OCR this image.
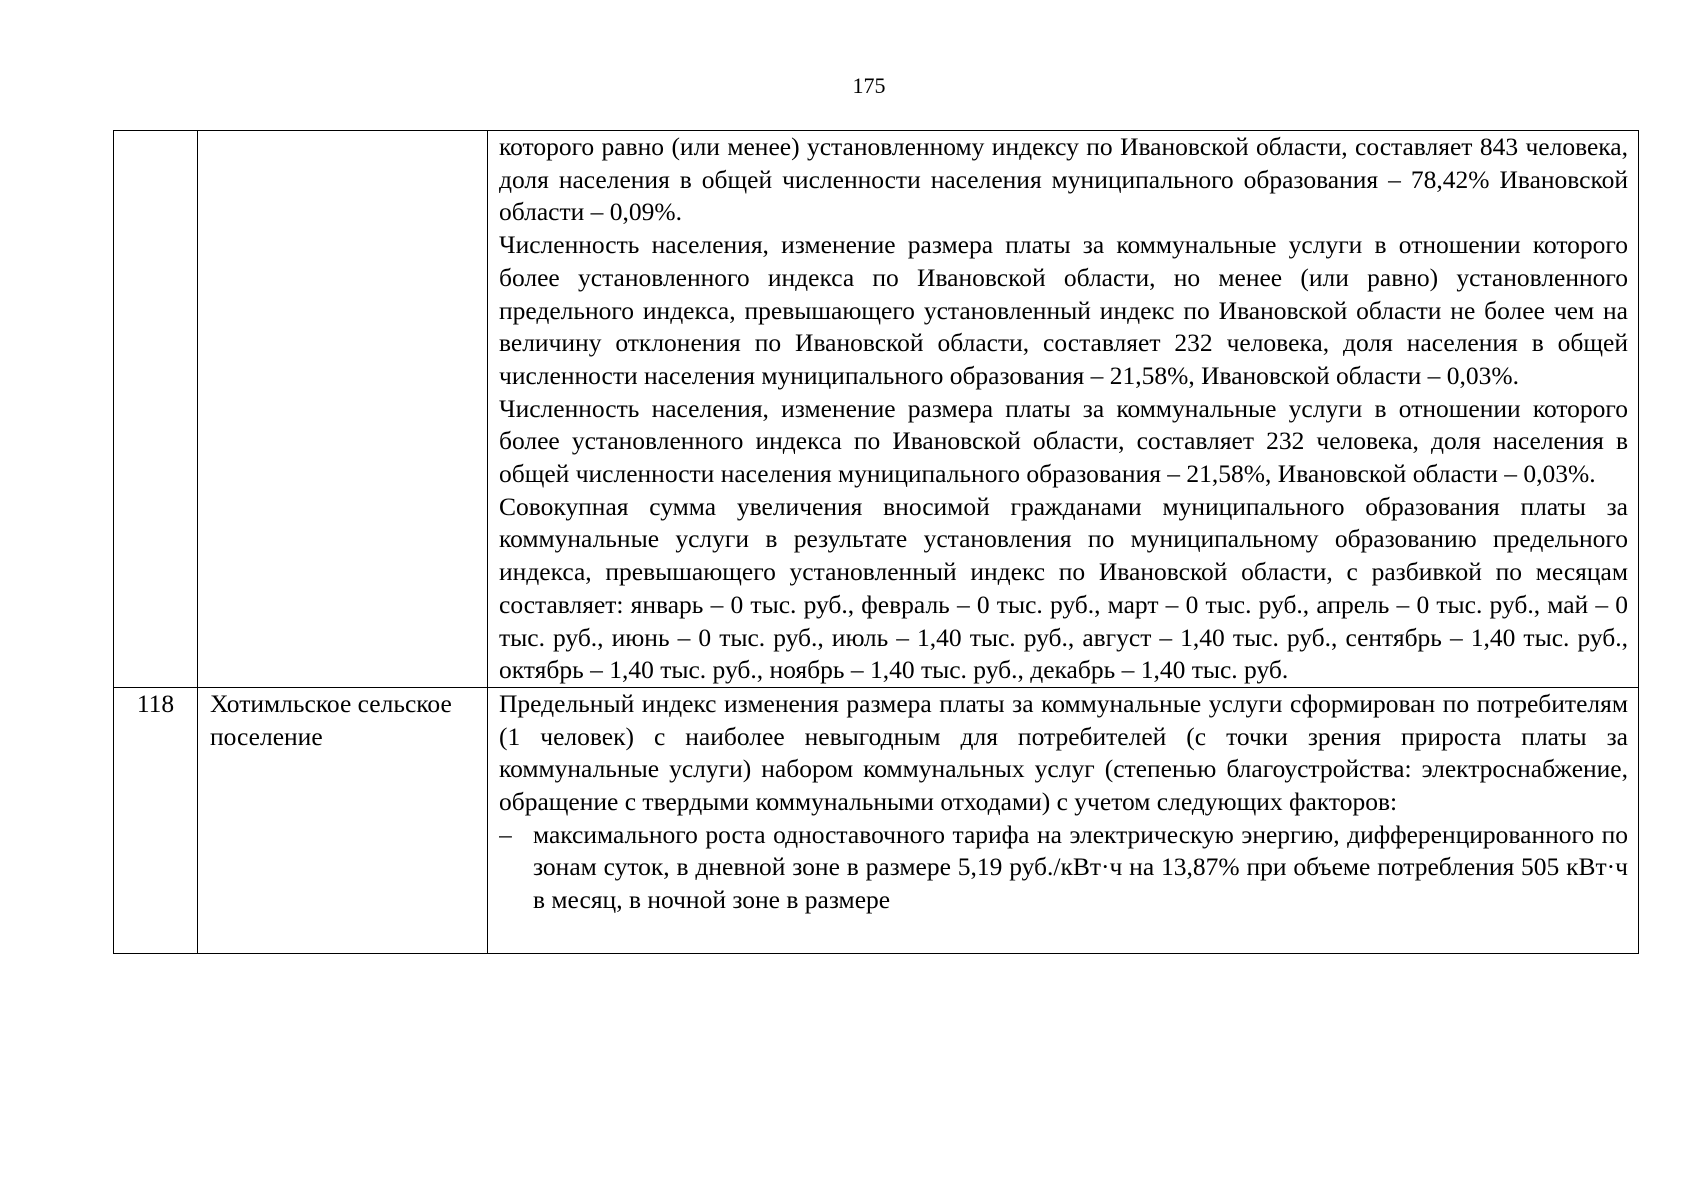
175

		которого равно (или менее) установленному индексу по Ивановской области, составляет 843 человека, доля населения в общей численности населения муниципального образования – 78,42% Ивановской области – 0,09%.

Численность населения, изменение размера платы за коммунальные услуги в отношении которого более установленного индекса по Ивановской области, но менее (или равно) установленного предельного индекса, превышающего установленный индекс по Ивановской области не более чем на величину отклонения по Ивановской области, составляет 232 человека, доля населения в общей численности населения муниципального образования – 21,58%, Ивановской области – 0,03%.

Численность населения, изменение размера платы за коммунальные услуги в отношении которого более установленного индекса по Ивановской области, составляет 232 человека, доля населения в общей численности населения муниципального образования – 21,58%, Ивановской области – 0,03%.

Совокупная сумма увеличения вносимой гражданами муниципального образования платы за коммунальные услуги в результате установления по муниципальному образованию предельного индекса, превышающего установленный индекс по Ивановской области, с разбивкой по месяцам составляет: январь – 0 тыс. руб., февраль – 0 тыс. руб., март – 0 тыс. руб., апрель – 0 тыс. руб., май – 0 тыс. руб., июнь – 0 тыс. руб., июль – 1,40 тыс. руб., август – 1,40 тыс. руб., сентябрь – 1,40 тыс. руб., октябрь – 1,40 тыс. руб., ноябрь – 1,40 тыс. руб., декабрь – 1,40 тыс. руб.

118	Хотимльское сельское поселение	Предельный индекс изменения размера платы за коммунальные услуги сформирован по потребителям (1 человек) с наиболее невыгодным для потребителей (с точки зрения прироста платы за коммунальные услуги) набором коммунальных услуг (степенью благоустройства: электроснабжение, обращение с твердыми коммунальными отходами) с учетом следующих факторов:

– максимального роста одноставочного тарифа на электрическую энергию, дифференцированного по зонам суток, в дневной зоне в размере 5,19 руб./кВт·ч на 13,87% при объеме потребления 505 кВт·ч в месяц, в ночной зоне в размере
